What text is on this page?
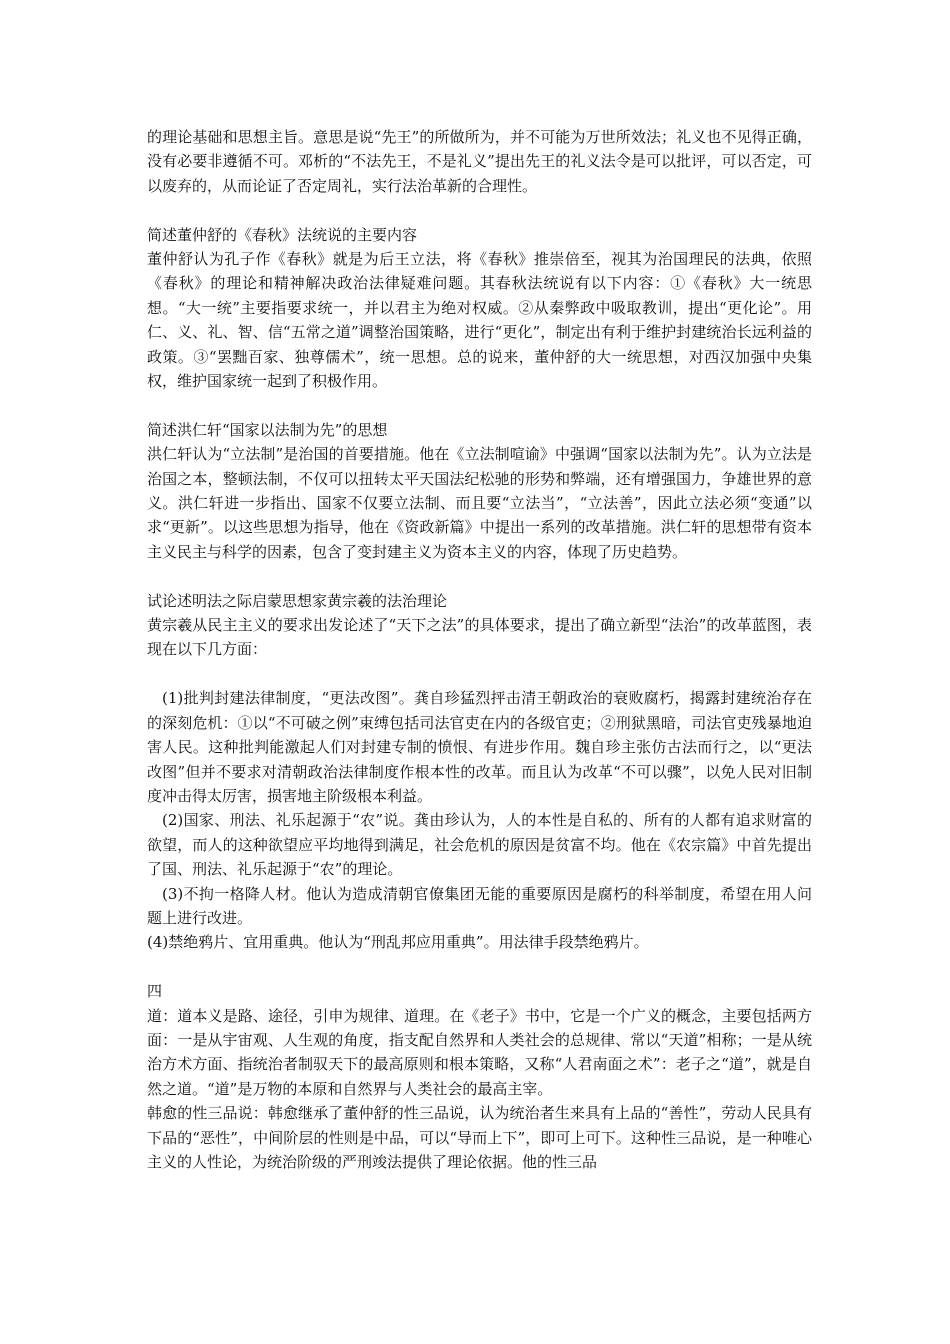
的理论基础和思想主旨。意思是说“先王”的所做所为，并不可能为万世所效法；礼义也不见得正确，没有必要非遵循不可。邓析的“不法先王，不是礼义”提出先王的礼义法令是可以批评，可以否定，可以废弃的，从而论证了否定周礼，实行法治革新的合理性。

简述董仲舒的《春秋》法统说的主要内容

董仲舒认为孔子作《春秋》就是为后王立法，将《春秋》推崇倍至，视其为治国理民的法典，依照《春秋》的理论和精神解决政治法律疑难问题。其春秋法统说有以下内容：①《春秋》大一统思想。“大一统”主要指要求统一，并以君主为绝对权威。②从秦弊政中吸取教训，提出“更化论”。用仁、义、礼、智、信“五常之道”调整治国策略，进行“更化”，制定出有利于维护封建统治长远利益的政策。③“罢黜百家、独尊儒术”，统一思想。总的说来，董仲舒的大一统思想，对西汉加强中央集权，维护国家统一起到了积极作用。

简述洪仁轩“国家以法制为先”的思想

洪仁轩认为“立法制”是治国的首要措施。他在《立法制喧谕》中强调“国家以法制为先”。认为立法是治国之本，整顿法制，不仅可以扭转太平天国法纪松驰的形势和弊端，还有增强国力，争雄世界的意义。洪仁轩进一步指出、国家不仅要立法制、而且要“立法当”，“立法善”，因此立法必须“变通”以求“更新”。以这些思想为指导，他在《资政新篇》中提出一系列的改革措施。洪仁轩的思想带有资本主义民主与科学的因素，包含了变封建主义为资本主义的内容，体现了历史趋势。

试论述明法之际启蒙思想家黄宗羲的法治理论

黄宗羲从民主主义的要求出发论述了“天下之法”的具体要求，提出了确立新型“法治”的改革蓝图，表现在以下几方面：

(1)批判封建法律制度，“更法改图”。龚自珍猛烈抨击清王朝政治的衰败腐朽，揭露封建统治存在的深刻危机：①以“不可破之例”束缚包括司法官吏在内的各级官吏；②刑狱黑暗，司法官吏残暴地迫害人民。这种批判能激起人们对封建专制的愤恨、有进步作用。魏自珍主张仿古法而行之，以“更法改图”但并不要求对清朝政治法律制度作根本性的改革。而且认为改革“不可以骤”，以免人民对旧制度冲击得太厉害，损害地主阶级根本利益。

(2)国家、刑法、礼乐起源于“农”说。龚由珍认为，人的本性是自私的、所有的人都有追求财富的欲望，而人的这种欲望应平均地得到满足，社会危机的原因是贫富不均。他在《农宗篇》中首先提出了国、刑法、礼乐起源于“农”的理论。

(3)不拘一格降人材。他认为造成清朝官僚集团无能的重要原因是腐朽的科举制度，希望在用人问题上进行改进。

(4)禁绝鸦片、宜用重典。他认为“刑乱邦应用重典”。用法律手段禁绝鸦片。

四

道：道本义是路、途径，引申为规律、道理。在《老子》书中，它是一个广义的概念，主要包括两方面：一是从宇宙观、人生观的角度，指支配自然界和人类社会的总规律、常以“天道”相称；一是从统治方术方面、指统治者制驭天下的最高原则和根本策略，又称“人君南面之术”：老子之“道”，就是自然之道。“道”是万物的本原和自然界与人类社会的最高主宰。

韩愈的性三品说：韩愈继承了董仲舒的性三品说，认为统治者生来具有上品的“善性”，劳动人民具有下品的“恶性”，中间阶层的性则是中品，可以“导而上下”，即可上可下。这种性三品说，是一种唯心主义的人性论，为统治阶级的严刑竣法提供了理论依据。他的性三品
